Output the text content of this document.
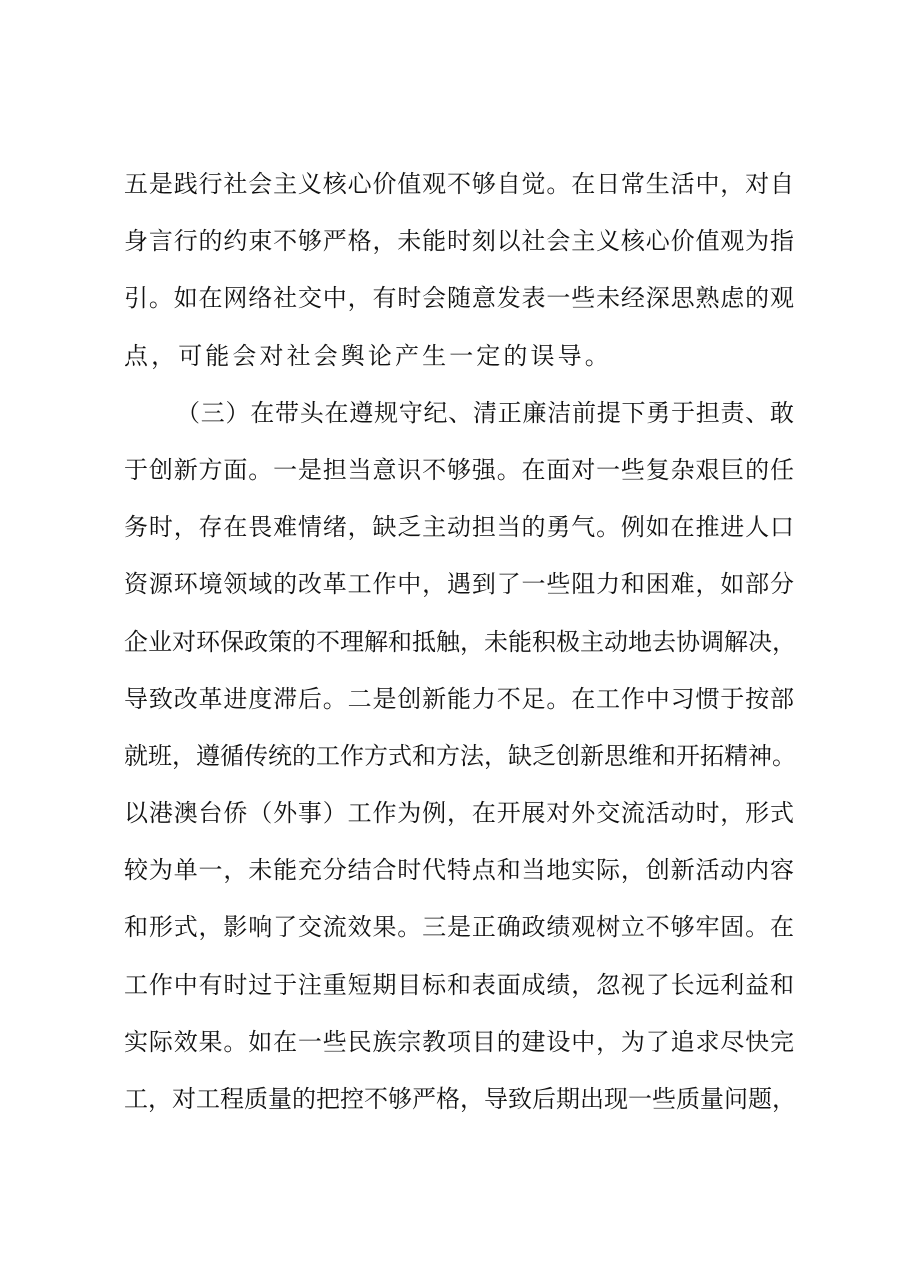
五是践行社会主义核心价值观不够自觉。在日常生活中，对自
身言行的约束不够严格，未能时刻以社会主义核心价值观为指
引。如在网络社交中，有时会随意发表一些未经深思熟虑的观
点，可能会对社会舆论产生一定的误导。
（三）在带头在遵规守纪、清正廉洁前提下勇于担责、敢
于创新方面。一是担当意识不够强。在面对一些复杂艰巨的任
务时，存在畏难情绪，缺乏主动担当的勇气。例如在推进人口
资源环境领域的改革工作中，遇到了一些阻力和困难，如部分
企业对环保政策的不理解和抵触，未能积极主动地去协调解决，
导致改革进度滞后。二是创新能力不足。在工作中习惯于按部
就班，遵循传统的工作方式和方法，缺乏创新思维和开拓精神。
以港澳台侨（外事）工作为例，在开展对外交流活动时，形式
较为单一，未能充分结合时代特点和当地实际，创新活动内容
和形式，影响了交流效果。三是正确政绩观树立不够牢固。在
工作中有时过于注重短期目标和表面成绩，忽视了长远利益和
实际效果。如在一些民族宗教项目的建设中，为了追求尽快完
工，对工程质量的把控不够严格，导致后期出现一些质量问题，
